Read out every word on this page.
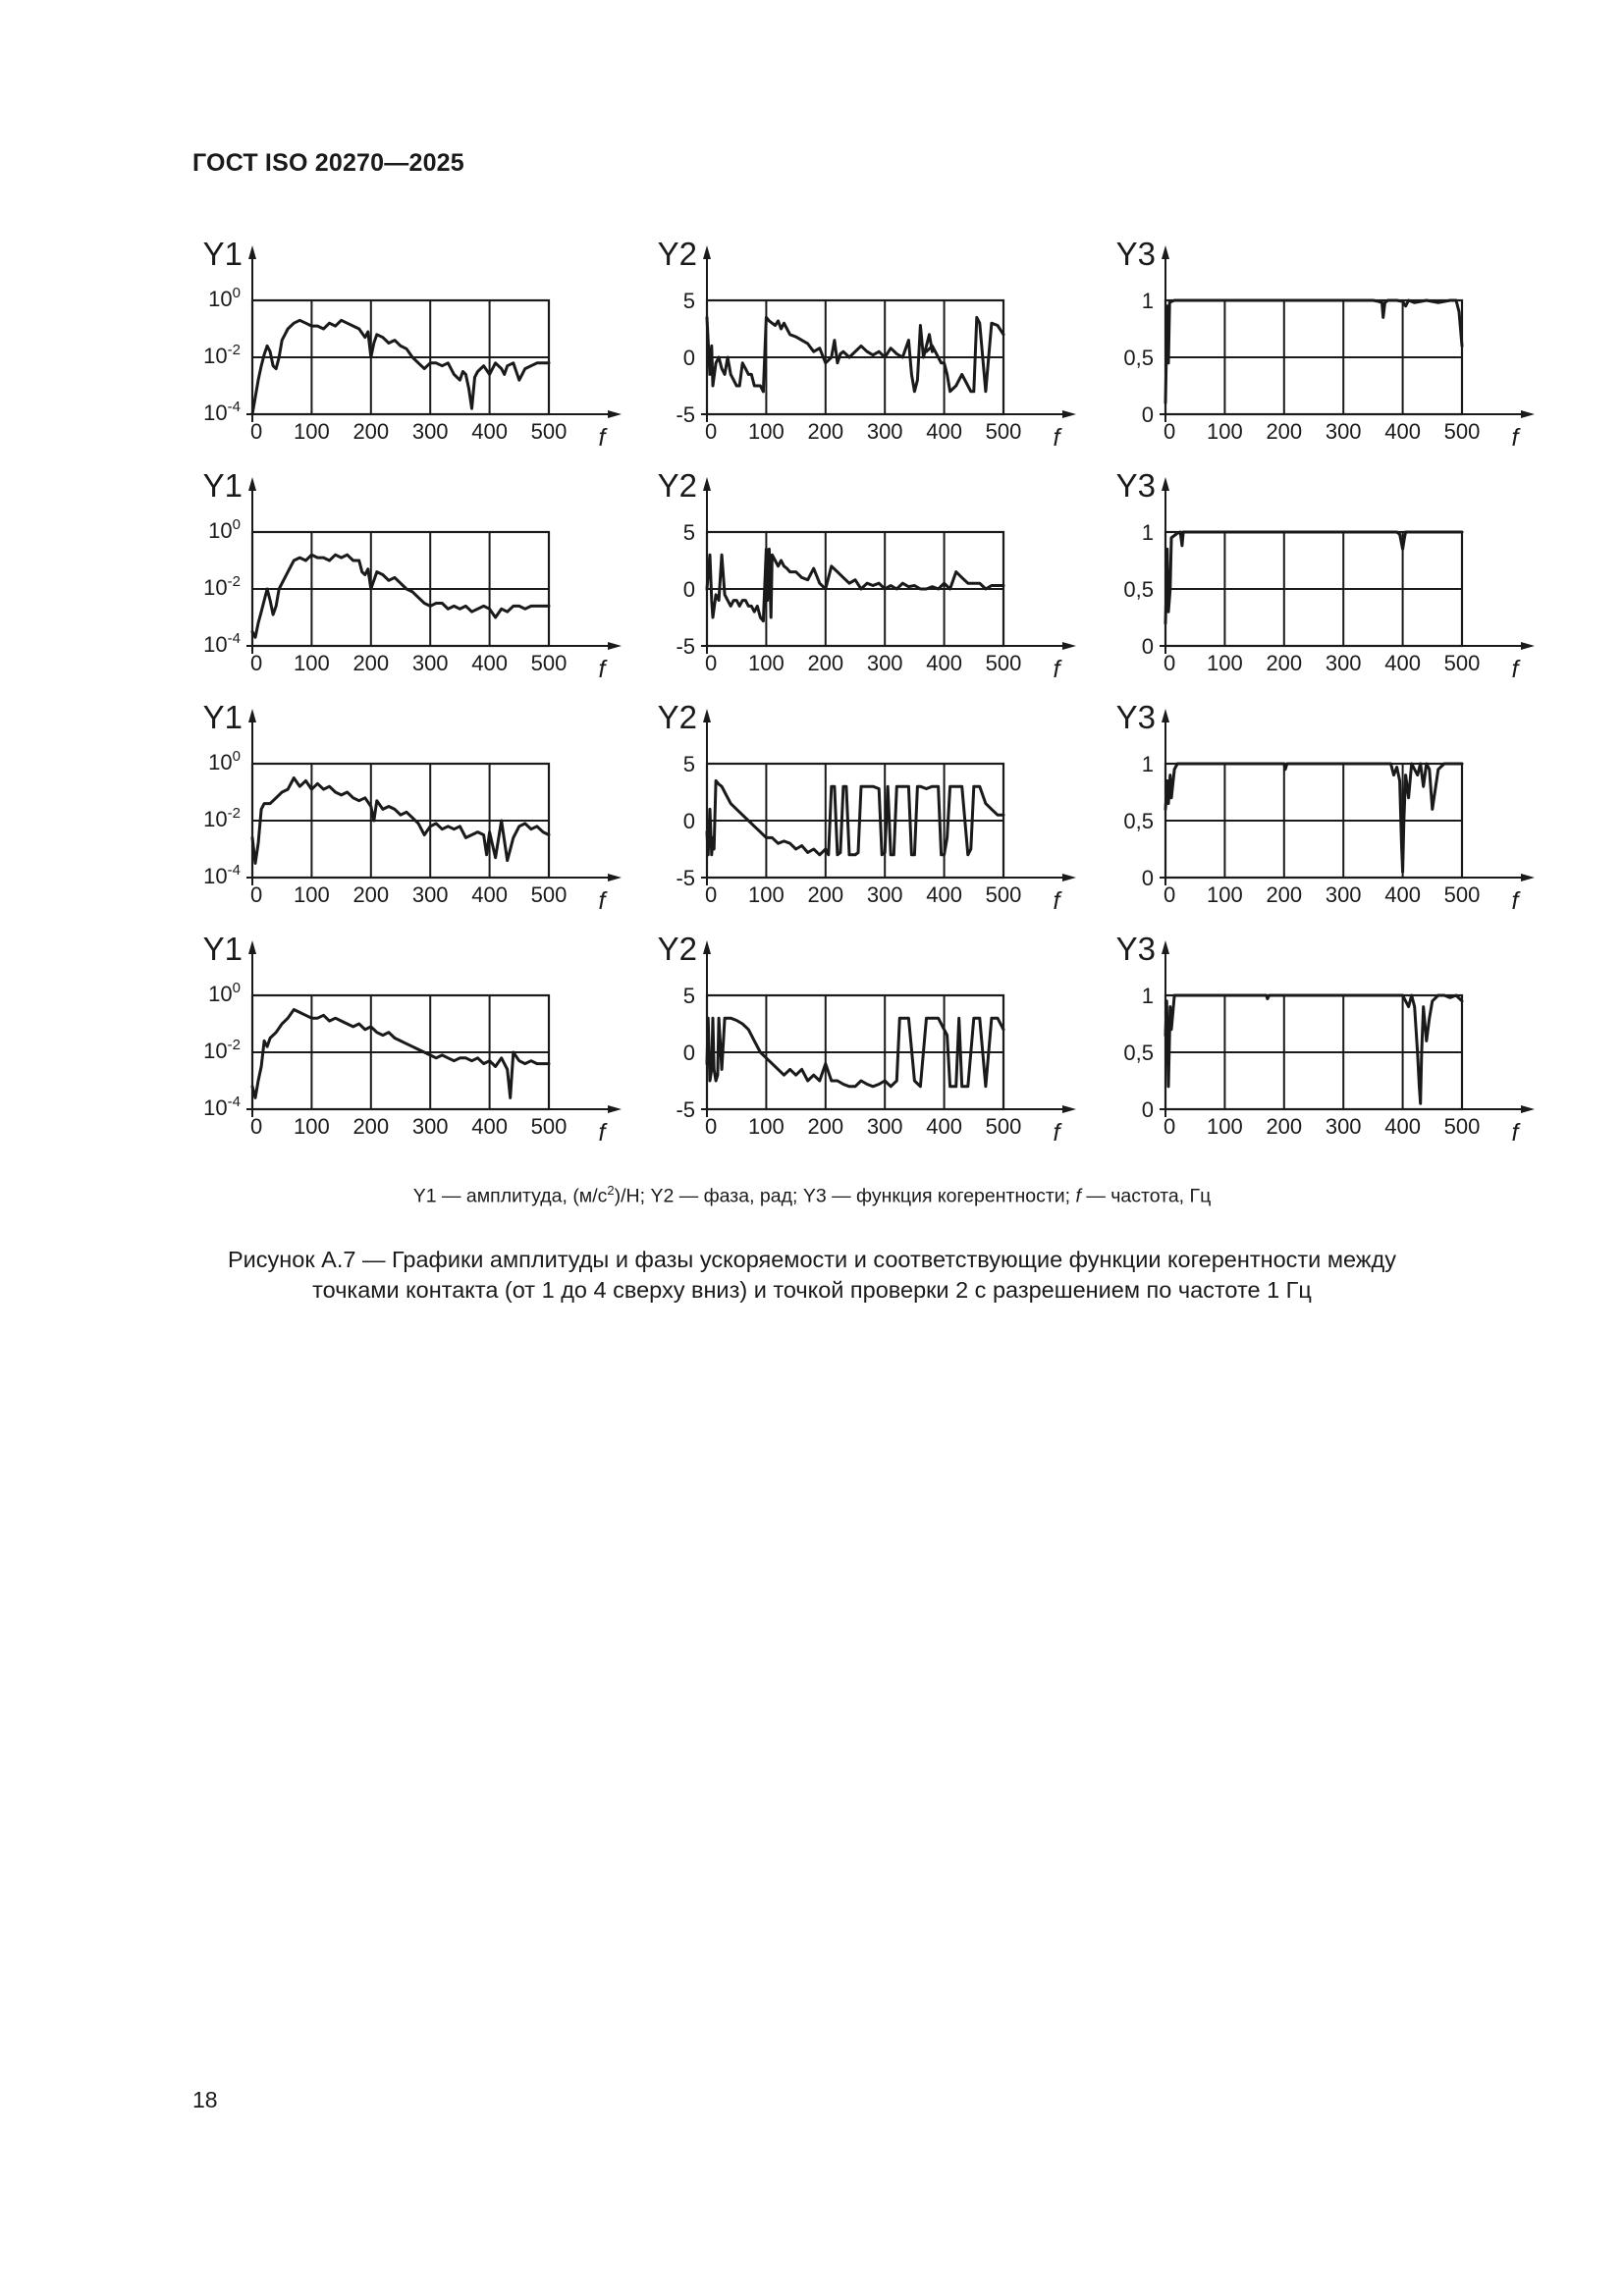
ГОСТ ISO 20270—2025
Y1
$10^0$
$10^{-2}$
$10^{-4}$
0 100 200 300 400 500 f
Y2
5
0
-5
0 100 200 300 400 500 f
Y3
1
0,5
0
0 100 200 300 400 500 f
Y1
$10^0$
$10^{-2}$
$10^{-4}$
0 100 200 300 400 500 f
Y2
5
0
-5
0 100 200 300 400 500 f
Y3
1
0,5
0
0 100 200 300 400 500 f
Y1
$10^0$
$10^{-2}$
$10^{-4}$
0 100 200 300 400 500 f
Y2
5
0
-5
0 100 200 300 400 500 f
Y3
1
0,5
0
0 100 200 300 400 500 f
Y1
$10^0$
$10^{-2}$
$10^{-4}$
0 100 200 300 400 500 f
Y2
5
0
-5
0 100 200 300 400 500 f
Y3
1
0,5
0
0 100 200 300 400 500 f
Y1 — амплитуда, $(м/с^2)/Н$; Y2 — фаза, рад; Y3 — функция когерентности; f — частота, Гц
Рисунок А.7 — Графики амплитуды и фазы ускоряемости и соответствующие функции когерентности между
точками контакта (от 1 до 4 сверху вниз) и точкой проверки 2 с разрешением по частоте 1 Гц
18
